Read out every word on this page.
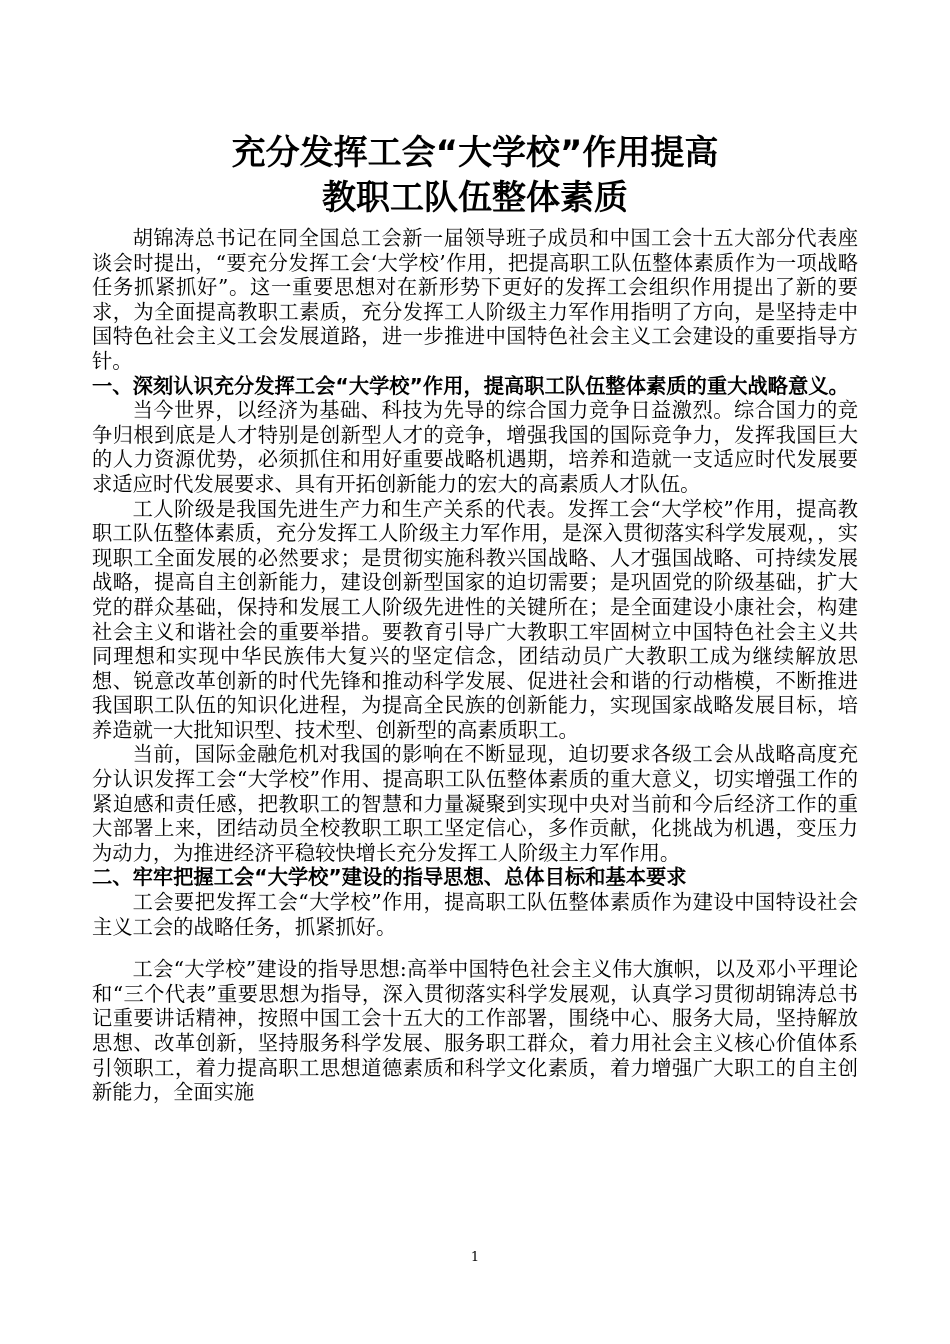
充分发挥工会“大学校”作用提高
教职工队伍整体素质

胡锦涛总书记在同全国总工会新一届领导班子成员和中国工会十五大部分代表座谈会时提出，“要充分发挥工会‘大学校’作用，把提高职工队伍整体素质作为一项战略任务抓紧抓好”。这一重要思想对在新形势下更好的发挥工会组织作用提出了新的要求，为全面提高教职工素质，充分发挥工人阶级主力军作用指明了方向，是坚持走中国特色社会主义工会发展道路，进一步推进中国特色社会主义工会建设的重要指导方针。

一、深刻认识充分发挥工会“大学校”作用，提高职工队伍整体素质的重大战略意义。

当今世界，以经济为基础、科技为先导的综合国力竞争日益激烈。综合国力的竞争归根到底是人才特别是创新型人才的竞争，增强我国的国际竞争力，发挥我国巨大的人力资源优势，必须抓住和用好重要战略机遇期，培养和造就一支适应时代发展要求适应时代发展要求、具有开拓创新能力的宏大的高素质人才队伍。

工人阶级是我国先进生产力和生产关系的代表。发挥工会“大学校”作用，提高教职工队伍整体素质，充分发挥工人阶级主力军作用，是深入贯彻落实科学发展观，，实现职工全面发展的必然要求；是贯彻实施科教兴国战略、人才强国战略、可持续发展战略，提高自主创新能力，建设创新型国家的迫切需要；是巩固党的阶级基础，扩大党的群众基础，保持和发展工人阶级先进性的关键所在；是全面建设小康社会，构建社会主义和谐社会的重要举措。要教育引导广大教职工牢固树立中国特色社会主义共同理想和实现中华民族伟大复兴的坚定信念，团结动员广大教职工成为继续解放思想、锐意改革创新的时代先锋和推动科学发展、促进社会和谐的行动楷模，不断推进我国职工队伍的知识化进程，为提高全民族的创新能力，实现国家战略发展目标，培养造就一大批知识型、技术型、创新型的高素质职工。

当前，国际金融危机对我国的影响在不断显现，迫切要求各级工会从战略高度充分认识发挥工会“大学校”作用、提高职工队伍整体素质的重大意义，切实增强工作的紧迫感和责任感，把教职工的智慧和力量凝聚到实现中央对当前和今后经济工作的重大部署上来，团结动员全校教职工职工坚定信心，多作贡献，化挑战为机遇，变压力为动力，为推进经济平稳较快增长充分发挥工人阶级主力军作用。

二、牢牢把握工会“大学校”建设的指导思想、总体目标和基本要求

工会要把发挥工会“大学校”作用，提高职工队伍整体素质作为建设中国特设社会主义工会的战略任务，抓紧抓好。

工会“大学校”建设的指导思想:高举中国特色社会主义伟大旗帜，以及邓小平理论和“三个代表”重要思想为指导，深入贯彻落实科学发展观，认真学习贯彻胡锦涛总书记重要讲话精神，按照中国工会十五大的工作部署，围绕中心、服务大局，坚持解放思想、改革创新，坚持服务科学发展、服务职工群众，着力用社会主义核心价值体系引领职工，着力提高职工思想道德素质和科学文化素质，着力增强广大职工的自主创新能力，全面实施

1
